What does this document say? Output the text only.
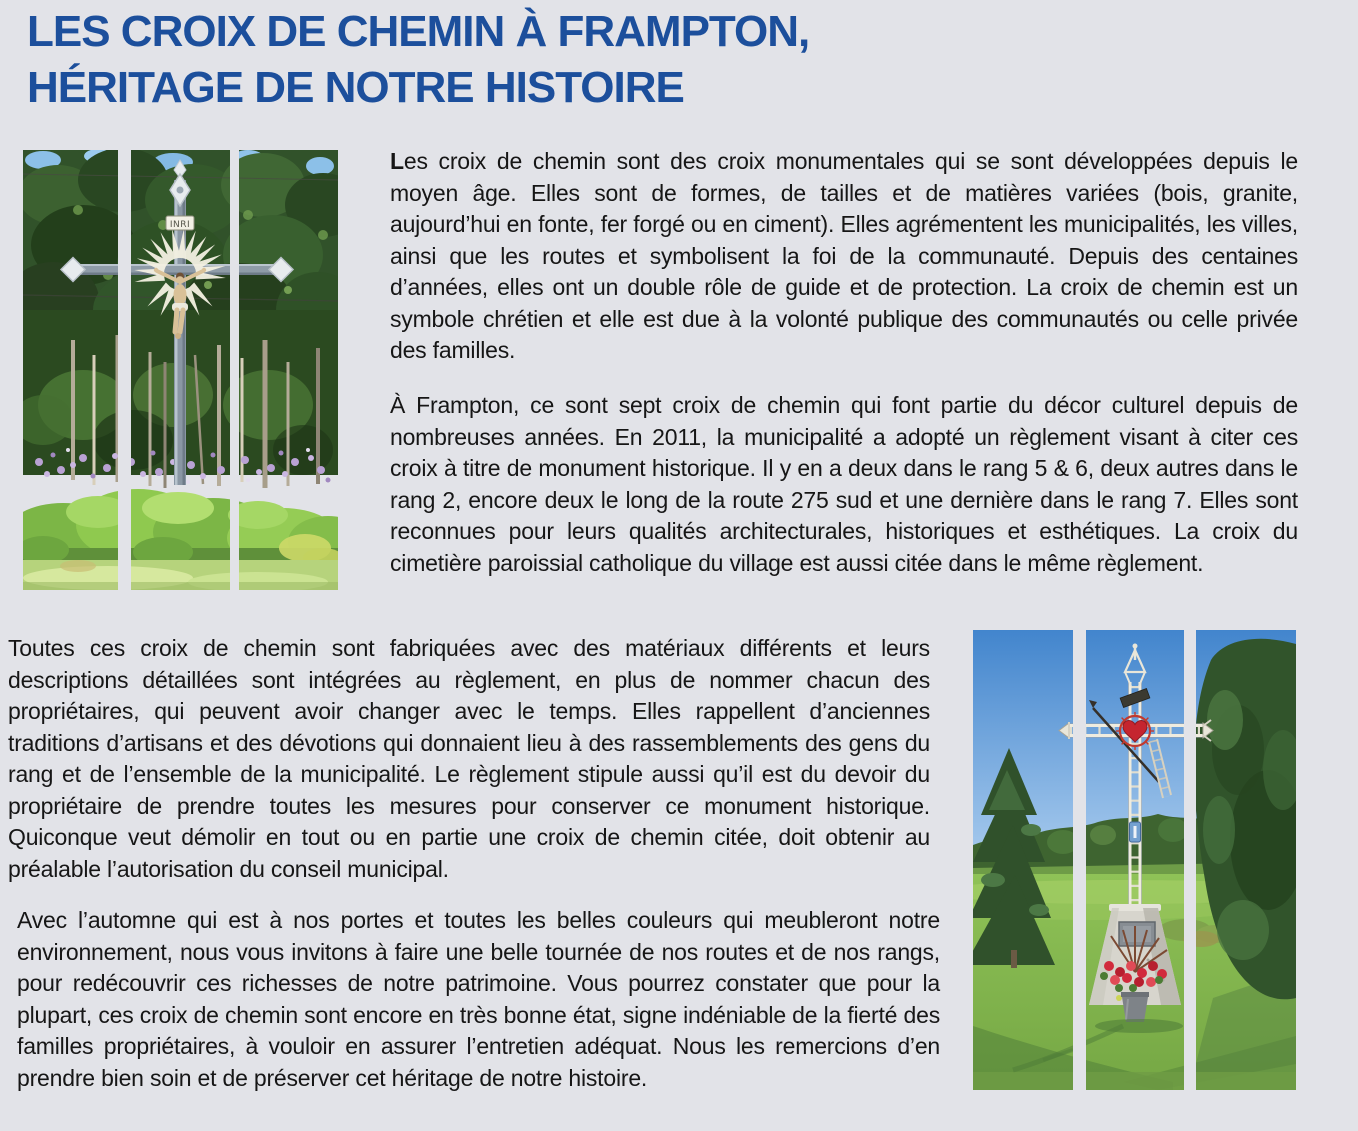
LES CROIX DE CHEMIN À FRAMPTON,
HÉRITAGE DE NOTRE HISTOIRE
INRI

Les croix de chemin sont des croix monumentales qui se sont développées depuis le moyen âge. Elles sont de formes, de tailles et de matières variées (bois, granite, aujourd’hui en fonte, fer forgé ou en ciment). Elles agrémentent les municipalités, les villes, ainsi que les routes et symbolisent la foi de la communauté. Depuis des centaines d’années, elles ont un double rôle de guide et de protection. La croix de chemin est un symbole chrétien et elle est due à la volonté publique des communautés ou celle privée des familles.

À Frampton, ce sont sept croix de chemin qui font partie du décor culturel depuis de nombreuses années. En 2011, la municipalité a adopté un règlement visant à citer ces croix à titre de monument historique. Il y en a deux dans le rang 5 & 6, deux autres dans le rang 2, encore deux le long de la route 275 sud et une dernière dans le rang 7. Elles sont reconnues pour leurs qualités architecturales, historiques et esthétiques. La croix du cimetière paroissial catholique du village est aussi citée dans le même règlement.

Toutes ces croix de chemin sont fabriquées avec des matériaux différents et leurs descriptions détaillées sont intégrées au règlement, en plus de nommer chacun des propriétaires, qui peuvent avoir changer avec le temps. Elles rappellent d’anciennes traditions d’artisans et des dévotions qui donnaient lieu à des rassemblements des gens du rang et de l’ensemble de la municipalité. Le règlement stipule aussi qu’il est du devoir du propriétaire de prendre toutes les mesures pour conserver ce monument historique. Quiconque veut démolir en tout ou en partie une croix de chemin citée, doit obtenir au préalable l’autorisation du conseil municipal.

Avec l’automne qui est à nos portes et toutes les belles couleurs qui meubleront notre environnement, nous vous invitons à faire une belle tournée de nos routes et de nos rangs, pour redécouvrir ces richesses de notre patrimoine. Vous pourrez constater que pour la plupart, ces croix de chemin sont encore en très bonne état, signe indéniable de la fierté des familles propriétaires, à vouloir en assurer l’entretien adéquat. Nous les remercions d’en prendre bien soin et de préserver cet héritage de notre histoire.
